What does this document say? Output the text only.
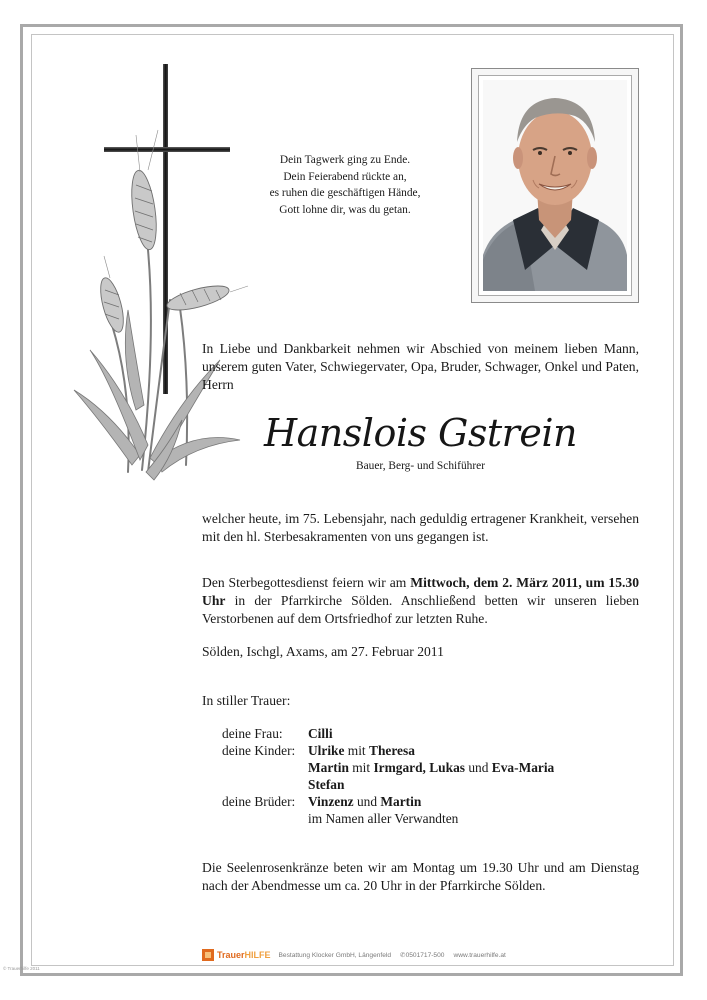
Dein Tagwerk ging zu Ende.
Dein Feierabend rückte an,
es ruhen die geschäftigen Hände,
Gott lohne dir, was du getan.
In Liebe und Dankbarkeit nehmen wir Abschied von meinem lieben Mann, unserem guten Vater, Schwiegervater, Opa, Bruder, Schwager, Onkel und Paten, Herrn
Hanslois Gstrein
Bauer, Berg- und Schiführer
welcher heute, im 75. Lebensjahr, nach geduldig ertragener Krankheit, versehen mit den hl. Sterbesakramenten von uns gegangen ist.
Den Sterbegottesdienst feiern wir am Mittwoch, dem 2. März 2011, um 15.30 Uhr in der Pfarrkirche Sölden. Anschließend betten wir unseren lieben Verstorbenen auf dem Ortsfriedhof zur letzten Ruhe.
Sölden, Ischgl, Axams, am 27. Februar 2011
In stiller Trauer:
deine Frau:	Cilli
deine Kinder: Ulrike mit Theresa
Martin mit Irmgard, Lukas und Eva-Maria
Stefan
deine Brüder: Vinzenz und Martin
im Namen aller Verwandten
Die Seelenrosenkränze beten wir am Montag um 19.30 Uhr und am Dienstag nach der Abendmesse um ca. 20 Uhr in der Pfarrkirche Sölden.
Trauer HILFE Bestattung Klocker GmbH, Längenfeld ✆0501717-500 www.trauerhilfe.at
© Trauerhilfe 2011
